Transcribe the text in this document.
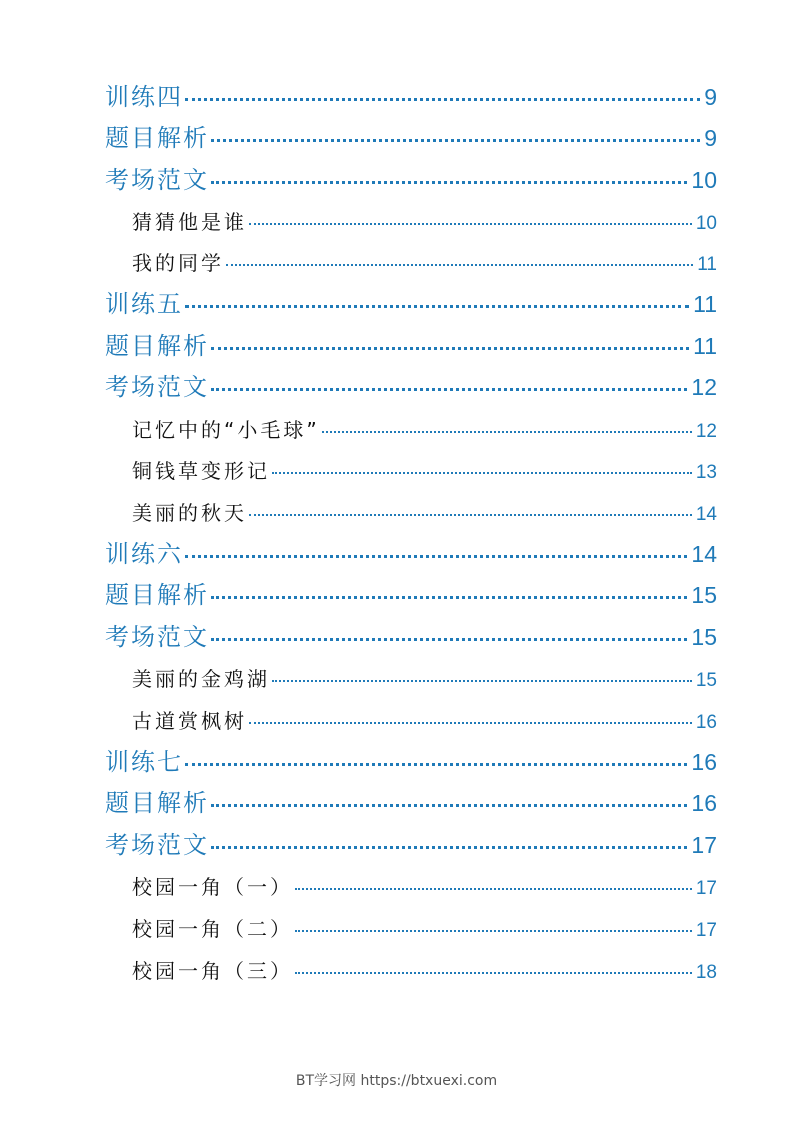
训练四	9
题目解析	9
考场范文	10
猜猜他是谁	10
我的同学	11
训练五	11
题目解析	11
考场范文	12
记忆中的“小毛球”	12
铜钱草变形记	13
美丽的秋天	14
训练六	14
题目解析	15
考场范文	15
美丽的金鸡湖	15
古道赏枫树	16
训练七	16
题目解析	16
考场范文	17
校园一角（一）	17
校园一角（二）	17
校园一角（三）	18
BT学习网 https://btxuexi.com
